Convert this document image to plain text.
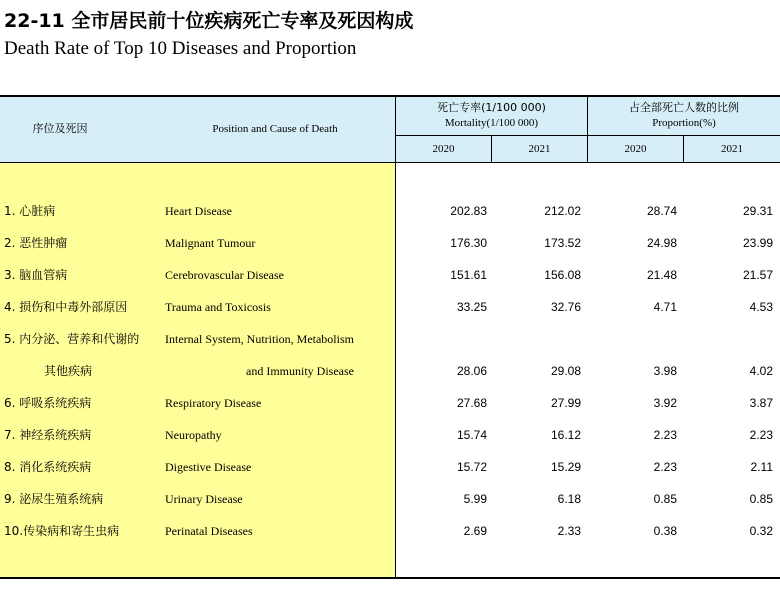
22-11 全市居民前十位疾病死亡专率及死因构成
Death Rate of Top 10 Diseases and Proportion
序位及死因	Position and Cause of Death
死亡专率(1/100 000)
Mortality(1/100 000)
占全部死亡人数的比例
Proportion(%)
2020	2021	2020	2021
1. 心脏病	Heart Disease	202.83	212.02	28.74	29.31
2. 恶性肿瘤	Malignant Tumour	176.30	173.52	24.98	23.99
3. 脑血管病	Cerebrovascular Disease	151.61	156.08	21.48	21.57
4. 损伤和中毒外部原因	Trauma and Toxicosis	33.25	32.76	4.71	4.53
5. 内分泌、营养和代谢的 Internal System, Nutrition, Metabolism
其他疾病	and Immunity Disease	28.06	29.08	3.98	4.02
6. 呼吸系统疾病	Respiratory Disease	27.68	27.99	3.92	3.87
7. 神经系统疾病	Neuropathy	15.74	16.12	2.23	2.23
8. 消化系统疾病	Digestive Disease	15.72	15.29	2.23	2.11
9. 泌尿生殖系统病	Urinary Disease	5.99	6.18	0.85	0.85
10.传染病和寄生虫病	Perinatal Diseases	2.69	2.33	0.38	0.32
